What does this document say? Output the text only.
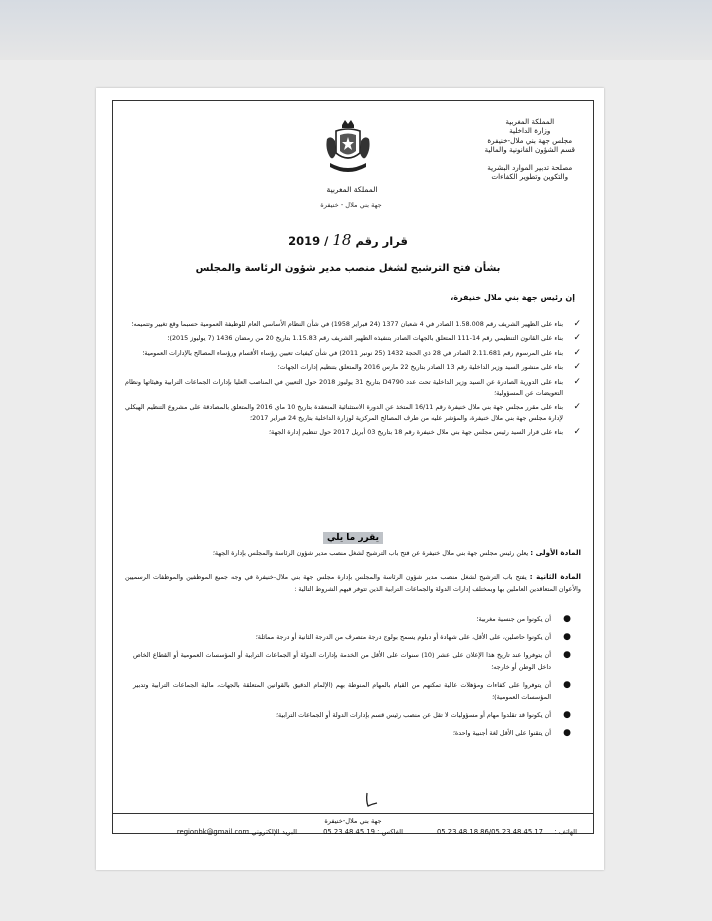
المملكة المغربية
وزارة الداخلية
مجلس جهة بني ملال-خنيفرة
قسم الشؤون القانونية والمالية
مصلحة تدبير الموارد البشرية
والتكوين وتطوير الكفاءات
المملكة المغربية
جهة بني ملال - خنيفرة
قرار رقم 18 / 2019
بشأن فتح الترشيح لشغل منصب مدير شؤون الرئاسة والمجلس
إن رئيس جهة بني ملال خنيفرة،
✓
بناء على الظهير الشريف رقم 1.58.008 الصادر في 4 شعبان 1377 (24 فبراير 1958) في شأن النظام الأساسي العام للوظيفة العمومية حسبما وقع تغيير وتتميمه؛
✓
بناء على القانون التنظيمي رقم 14-111 المتعلق بالجهات الصادر بتنفيذه الظهير الشريف رقم 1.15.83 بتاريخ 20 من رمضان 1436 (7 يوليوز 2015)؛
✓
بناء على المرسوم رقم 2.11.681 الصادر في 28 ذي الحجة 1432 (25 نونبر 2011) في شأن كيفيات تعيين رؤساء الأقسام ورؤساء المصالح بالإدارات العمومية؛
✓
بناء على منشور السيد وزير الداخلية رقم 13 الصادر بتاريخ 22 مارس 2016 والمتعلق بتنظيم إدارات الجهات؛
✓
بناء على الدورية الصادرة عن السيد وزير الداخلية تحت عدد D4790 بتاريخ 31 يوليوز 2018 حول التعيين في المناصب العليا بإدارات الجماعات الترابية وهيئاتها ونظام التعويضات عن المسؤولية؛
✓
بناء على مقرر مجلس جهة بني ملال خنيفرة رقم 16/11 المتخذ عن الدورة الاستثنائية المنعقدة بتاريخ 10 ماي 2016 والمتعلق بالمصادقة على مشروع التنظيم الهيكلي لإدارة مجلس جهة بني ملال خنيفرة، والمؤشر عليه من طرف المصالح المركزية لوزارة الداخلية بتاريخ 24 فبراير 2017؛
✓
بناء على قرار السيد رئيس مجلس جهة بني ملال خنيفرة رقم 18 بتاريخ 03 أبريل 2017 حول تنظيم إدارة الجهة؛
يقرر ما يلي
المادة الأولى : يعلن رئيس مجلس جهة بني ملال خنيفرة عن فتح باب الترشيح لشغل منصب مدير شؤون الرئاسة والمجلس بإدارة الجهة؛
المادة الثانية : يفتح باب الترشيح لشغل منصب مدير شؤون الرئاسة والمجلس بإدارة مجلس جهة بني ملال-خنيفرة في وجه جميع الموظفين والموظفات الرسميين والأعوان المتعاقدين العاملين بها وبمختلف إدارات الدولة والجماعات الترابية الذين تتوفر فيهم الشروط التالية :
●
أن يكونوا من جنسية مغربية؛
●
أن يكونوا حاصلين، على الأقل، على شهادة أو دبلوم يسمح بولوج درجة متصرف من الدرجة الثانية أو درجة مماثلة؛
●
أن يتوفروا عند تاريخ هذا الإعلان على عشر (10) سنوات على الأقل من الخدمة بإدارات الدولة أو الجماعات الترابية أو المؤسسات العمومية أو القطاع الخاص داخل الوطن أو خارجه؛
●
أن يتوفروا على كفاءات ومؤهلات عالية تمكنهم من القيام بالمهام المنوطة بهم (الإلمام الدقيق بالقوانين المتعلقة بالجهات، مالية الجماعات الترابية وتدبير المؤسسات العمومية)؛
●
أن يكونوا قد تقلدوا مهام أو مسؤوليات لا تقل عن منصب رئيس قسم بإدارات الدولة أو الجماعات الترابية؛
●
أن يتقنوا على الأقل لغة أجنبية واحدة؛
جهة بني ملال-خنيفرة
الهاتف :
05.23.48.18.86/05.23.48.45.17
الفاكس :
05.23.48.45.19
البريد الإلكتروني :
regionbk@gmail.com
